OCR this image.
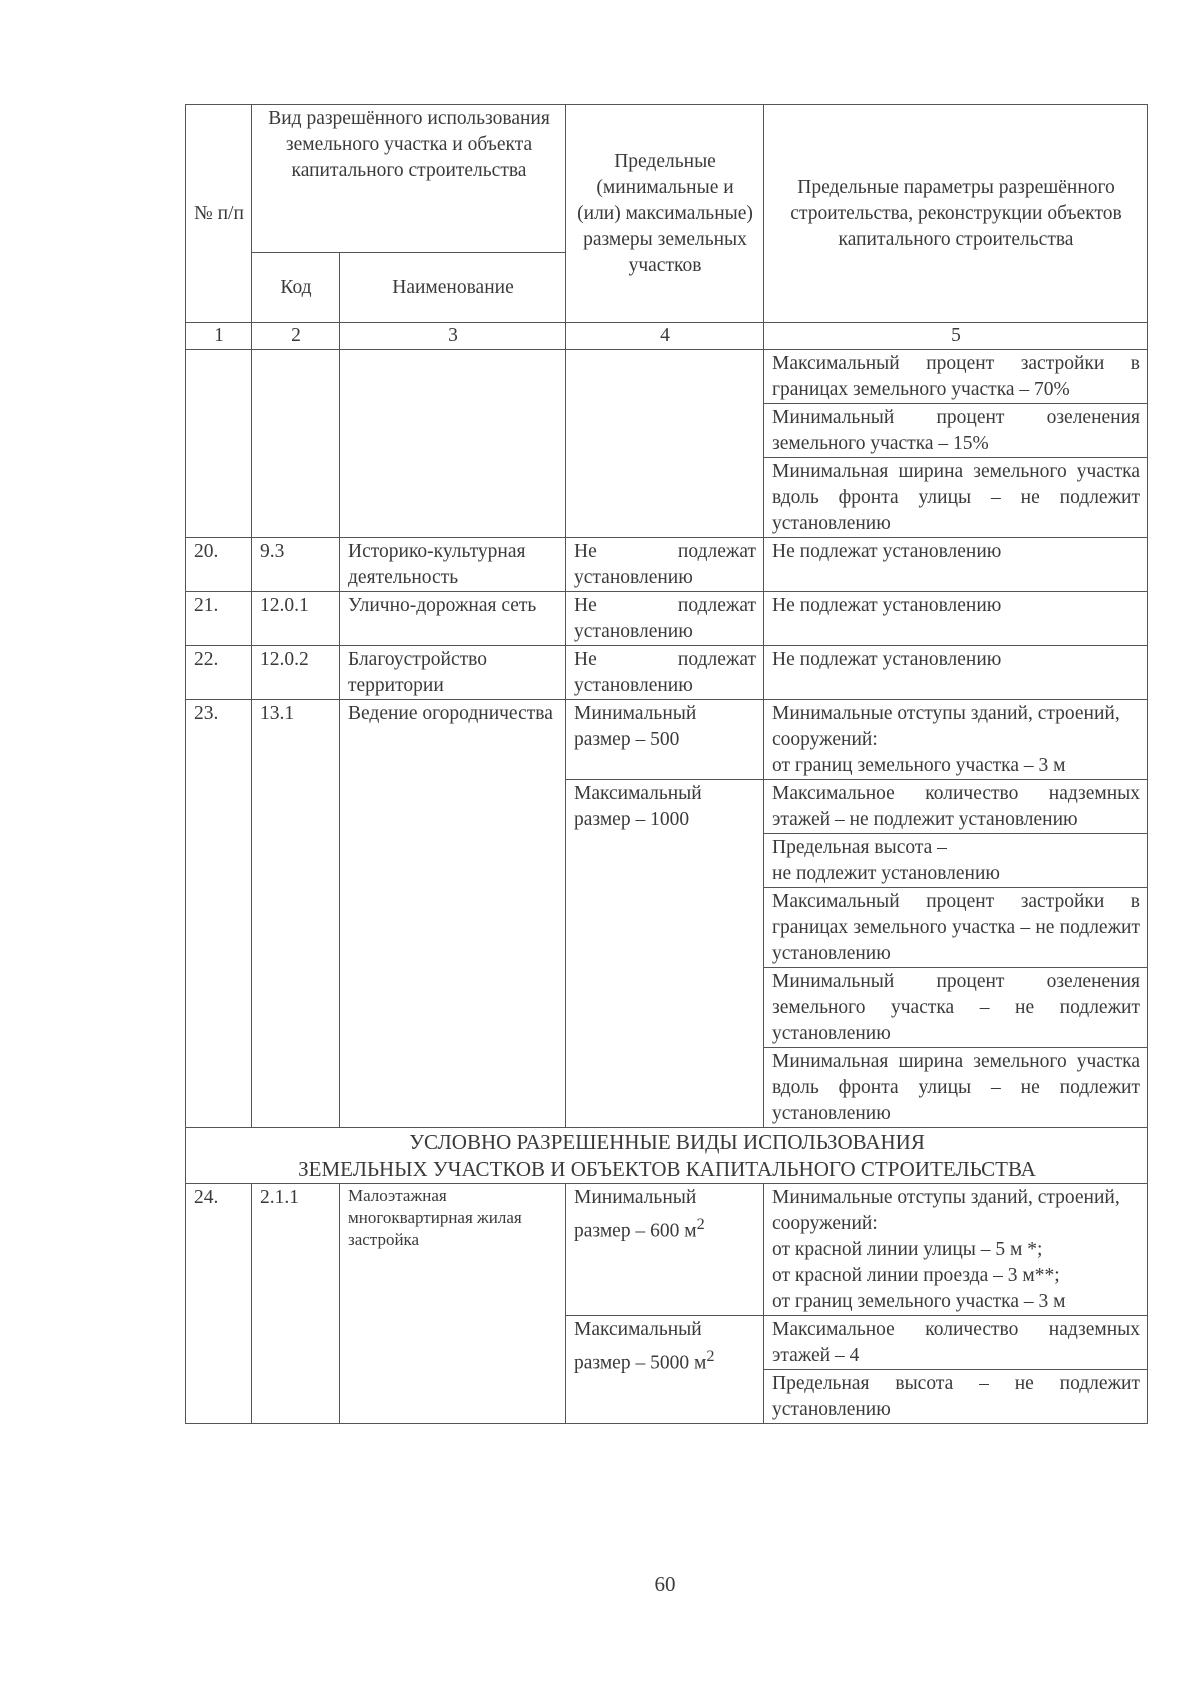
№ п/п	Вид разрешённого использования земельного участка и объекта капитального строительства		Предельные (минимальные и (или) максимальные) размеры земельных участков	Предельные параметры разрешённого строительства, реконструкции объектов капитального строительства
	Код	Наименование		
1	2	3	4	5
				Максимальный процент застройки в границах земельного участка – 70%
				Минимальный процент озеленения земельного участка – 15%
				Минимальная ширина земельного участка вдоль фронта улицы – не подлежит установлению
20.	9.3	Историко-культурная деятельность	Не подлежат установлению	Не подлежат установлению
21.	12.0.1	Улично-дорожная сеть	Не подлежат установлению	Не подлежат установлению
22.	12.0.2	Благоустройство территории	Не подлежат установлению	Не подлежат установлению
23.	13.1	Ведение огородничества	Минимальный размер – 500	Минимальные отступы зданий, строений, сооружений:
от границ земельного участка – 3 м

			Максимальный размер – 1000	Максимальное количество надземных этажей – не подлежит установлению

				Предельная высота –
не подлежит установлению

				Максимальный процент застройки в границах земельного участка – не подлежит установлению
				Минимальный процент озеленения земельного участка – не подлежит установлению
				Минимальная ширина земельного участка вдоль фронта улицы – не подлежит установлению

УСЛОВНО РАЗРЕШЕННЫЕ ВИДЫ ИСПОЛЬЗОВАНИЯ
ЗЕМЕЛЬНЫХ УЧАСТКОВ И ОБЪЕКТОВ КАПИТАЛЬНОГО СТРОИТЕЛЬСТВА				

24.	2.1.1	Малоэтажная многоквартирная жилая застройка	Минимальный размер – 600 $м^2$	Минимальные отступы зданий, строений, сооружений:
от красной линии улицы – 5 м *;
от красной линии проезда – 3 м**;
от границ земельного участка – 3 м

			Максимальный размер – 5000 $м^2$	Максимальное количество надземных этажей – 4
				Предельная высота – не подлежит установлению
60
